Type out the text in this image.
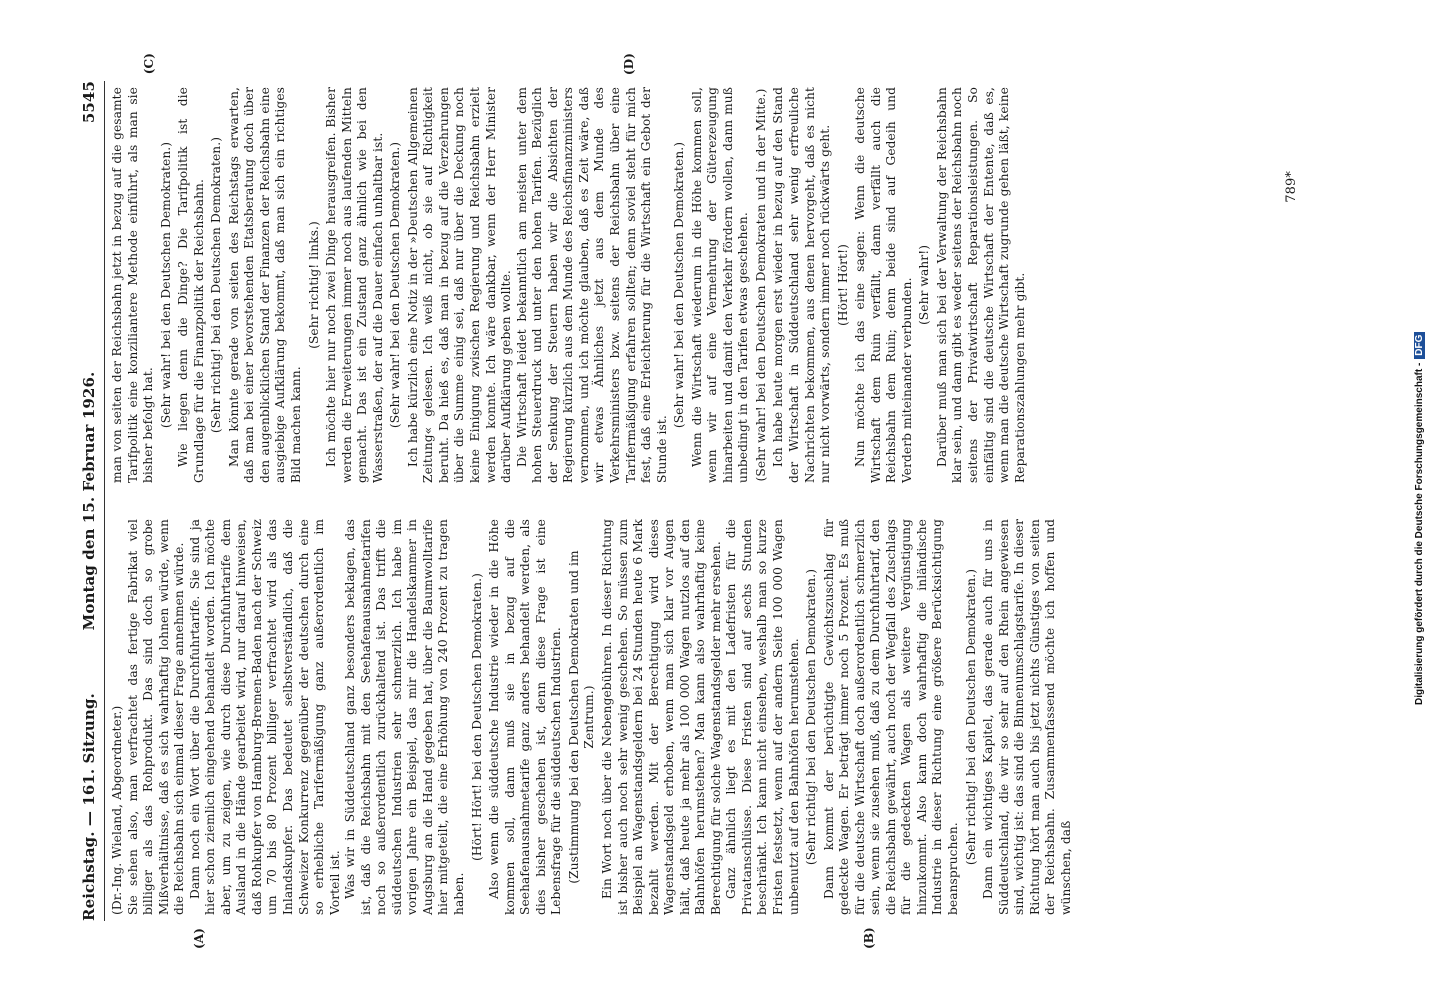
Reichstag. — 161. Sitzung.
Montag den 15. Februar 1926.
5545

(Dr.-Ing. Wieland, Abgeordneter.) Sie sehen also, man verfrachtet das fertige Fabrikat viel billiger als das Rohprodukt. Das sind doch so grobe Mißverhältnisse, daß es sich wahrhaftig lohnen würde, wenn die Reichsbahn sich einmal dieser Frage annehmen würde. Dann noch ein Wort über die Durchfuhrtarife. Sie sind ja hier schon ziemlich eingehend behandelt worden. Ich möchte aber, um zu zeigen, wie durch diese Durchfuhrtarife dem Ausland in die Hände gearbeitet wird, nur darauf hinweisen, daß Rohkupfer von Hamburg-Bremen-Baden nach der Schweiz um 70 bis 80 Prozent billiger verfrachtet wird als das Inlandskupfer. Das bedeutet selbstverständlich, daß die Schweizer Konkurrenz gegenüber der deutschen durch eine so erhebliche Tarifermäßigung ganz außerordentlich im Vorteil ist. Was wir in Süddeutschland ganz besonders beklagen, das ist, daß die Reichsbahn mit den Seehafenausnahmetarifen noch so außerordentlich zurückhaltend ist. Das trifft die süddeutschen Industrien sehr schmerzlich. Ich habe im vorigen Jahre ein Beispiel, das mir die Handelskammer in Augsburg an die Hand gegeben hat, über die Baumwolltarife hier mitgeteilt, die eine Erhöhung von 240 Prozent zu tragen haben.

(Hört! Hört! bei den Deutschen Demokraten.) Also wenn die süddeutsche Industrie wieder in die Höhe kommen soll, dann muß sie in bezug auf die Seehafenausnahmetarife ganz anders behandelt werden, als dies bisher geschehen ist, denn diese Frage ist eine Lebensfrage für die süddeutschen Industrien. (Zustimmung bei den Deutschen Demokraten und im Zentrum.) Ein Wort noch über die Nebengebühren. In dieser Richtung ist bisher auch noch sehr wenig geschehen. So müssen zum Beispiel an Wagenstandsgeldern bei 24 Stunden heute 6 Mark bezahlt werden. Mit der Berechtigung wird dieses Wagenstandsgeld erhoben, wenn man sich klar vor Augen hält, daß heute ja mehr als 100 000 Wagen nutzlos auf den Bahnhöfen herumstehen? Man kann also wahrhaftig keine Berechtigung für solche Wagenstandsgelder mehr ersehen. Ganz ähnlich liegt es mit den Ladefristen für die Privatanschlüsse. Diese Fristen sind auf sechs Stunden beschränkt. Ich kann nicht einsehen, weshalb man so kurze Fristen festsetzt, wenn auf der andern Seite 100 000 Wagen unbenutzt auf den Bahnhöfen herumstehen. (Sehr richtig! bei den Deutschen Demokraten.) Dann kommt der berüchtigte Gewichtszuschlag für gedeckte Wagen. Er beträgt immer noch 5 Prozent. Es muß für die deutsche Wirtschaft doch außerordentlich schmerzlich sein, wenn sie zusehen muß, daß zu dem Durchfuhrtarif, den die Reichsbahn gewährt, auch noch der Wegfall des Zuschlags für die gedeckten Wagen als weitere Vergünstigung hinzukommt. Also kann doch wahrhaftig die inländische Industrie in dieser Richtung eine größere Berücksichtigung beanspruchen.

(Sehr richtig! bei den Deutschen Demokraten.) Dann ein wichtiges Kapitel, das gerade auch für uns in Süddeutschland, die wir so sehr auf den Rhein angewiesen sind, wichtig ist: das sind die Binnenumschlagstarife. In dieser Richtung hört man auch bis jetzt nichts Günstiges von seiten der Reichsbahn. Zusammenfassend möchte ich hoffen und wünschen, daß

man von seiten der Reichsbahn jetzt in bezug auf die gesamte Tarifpolitik eine konziliantere Methode einführt, als man sie bisher befolgt hat. (Sehr wahr! bei den Deutschen Demokraten.) Wie liegen denn die Dinge? Die Tarifpolitik ist die Grundlage für die Finanzpolitik der Reichsbahn. (Sehr richtig! bei den Deutschen Demokraten.) Man könnte gerade von seiten des Reichstags erwarten, daß man bei einer bevorstehenden Etatsberatung doch über den augenblicklichen Stand der Finanzen der Reichsbahn eine ausgiebige Aufklärung bekommt, daß man sich ein richtiges Bild machen kann.

(Sehr richtig! links.) Ich möchte hier nur noch zwei Dinge herausgreifen. Bisher werden die Erweiterungen immer noch aus laufenden Mitteln gemacht. Das ist ein Zustand ganz ähnlich wie bei den Wasserstraßen, der auf die Dauer einfach unhaltbar ist. (Sehr wahr! bei den Deutschen Demokraten.) Ich habe kürzlich eine Notiz in der »Deutschen Allgemeinen Zeitung« gelesen. Ich weiß nicht, ob sie auf Richtigkeit beruht. Da hieß es, daß man in bezug auf die Verzehrungen über die Summe einig sei, daß nur über die Deckung noch keine Einigung zwischen Regierung und Reichsbahn erzielt werden konnte. Ich wäre dankbar, wenn der Herr Minister darüber Aufklärung geben wollte. Die Wirtschaft leidet bekanntlich am meisten unter dem hohen Steuerdruck und unter den hohen Tarifen. Bezüglich der Senkung der Steuern haben wir die Absichten der Regierung kürzlich aus dem Munde des Reichsfinanzministers vernommen, und ich möchte glauben, daß es Zeit wäre, daß wir etwas Ähnliches jetzt aus dem Munde des Verkehrsministers bzw. seitens der Reichsbahn über eine Tarifermäßigung erfahren sollten; denn soviel steht für mich fest, daß eine Erleichterung für die Wirtschaft ein Gebot der Stunde ist.

(Sehr wahr! bei den Deutschen Demokraten.) Wenn die Wirtschaft wiederum in die Höhe kommen soll, wenn wir auf eine Vermehrung der Güterezeugung hinarbeiten und damit den Verkehr fördern wollen, dann muß unbedingt in den Tarifen etwas geschehen. (Sehr wahr! bei den Deutschen Demokraten und in der Mitte.) Ich habe heute morgen erst wieder in bezug auf den Stand der Wirtschaft in Süddeutschland sehr wenig erfreuliche Nachrichten bekommen, aus denen hervorgeht, daß es nicht nur nicht vorwärts, sondern immer noch rückwärts geht. (Hört! Hört!) Nun möchte ich das eine sagen: Wenn die deutsche Wirtschaft dem Ruin verfällt, dann verfällt auch die Reichsbahn dem Ruin; denn beide sind auf Gedeih und Verderb miteinander verbunden. (Sehr wahr!) Darüber muß man sich bei der Verwaltung der Reichsbahn klar sein, und dann gibt es weder seitens der Reichsbahn noch seitens der Privatwirtschaft Reparationsleistungen. So einfältig sind die deutsche Wirtschaft der Entente, daß es, wenn man die deutsche Wirtschaft zugrunde gehen läßt, keine Reparationszahlungen mehr gibt.

(A)	(B)
(C)	(D)
789*
Digitalisierung gefördert durch die Deutsche Forschungsgemeinschaft -DFG
